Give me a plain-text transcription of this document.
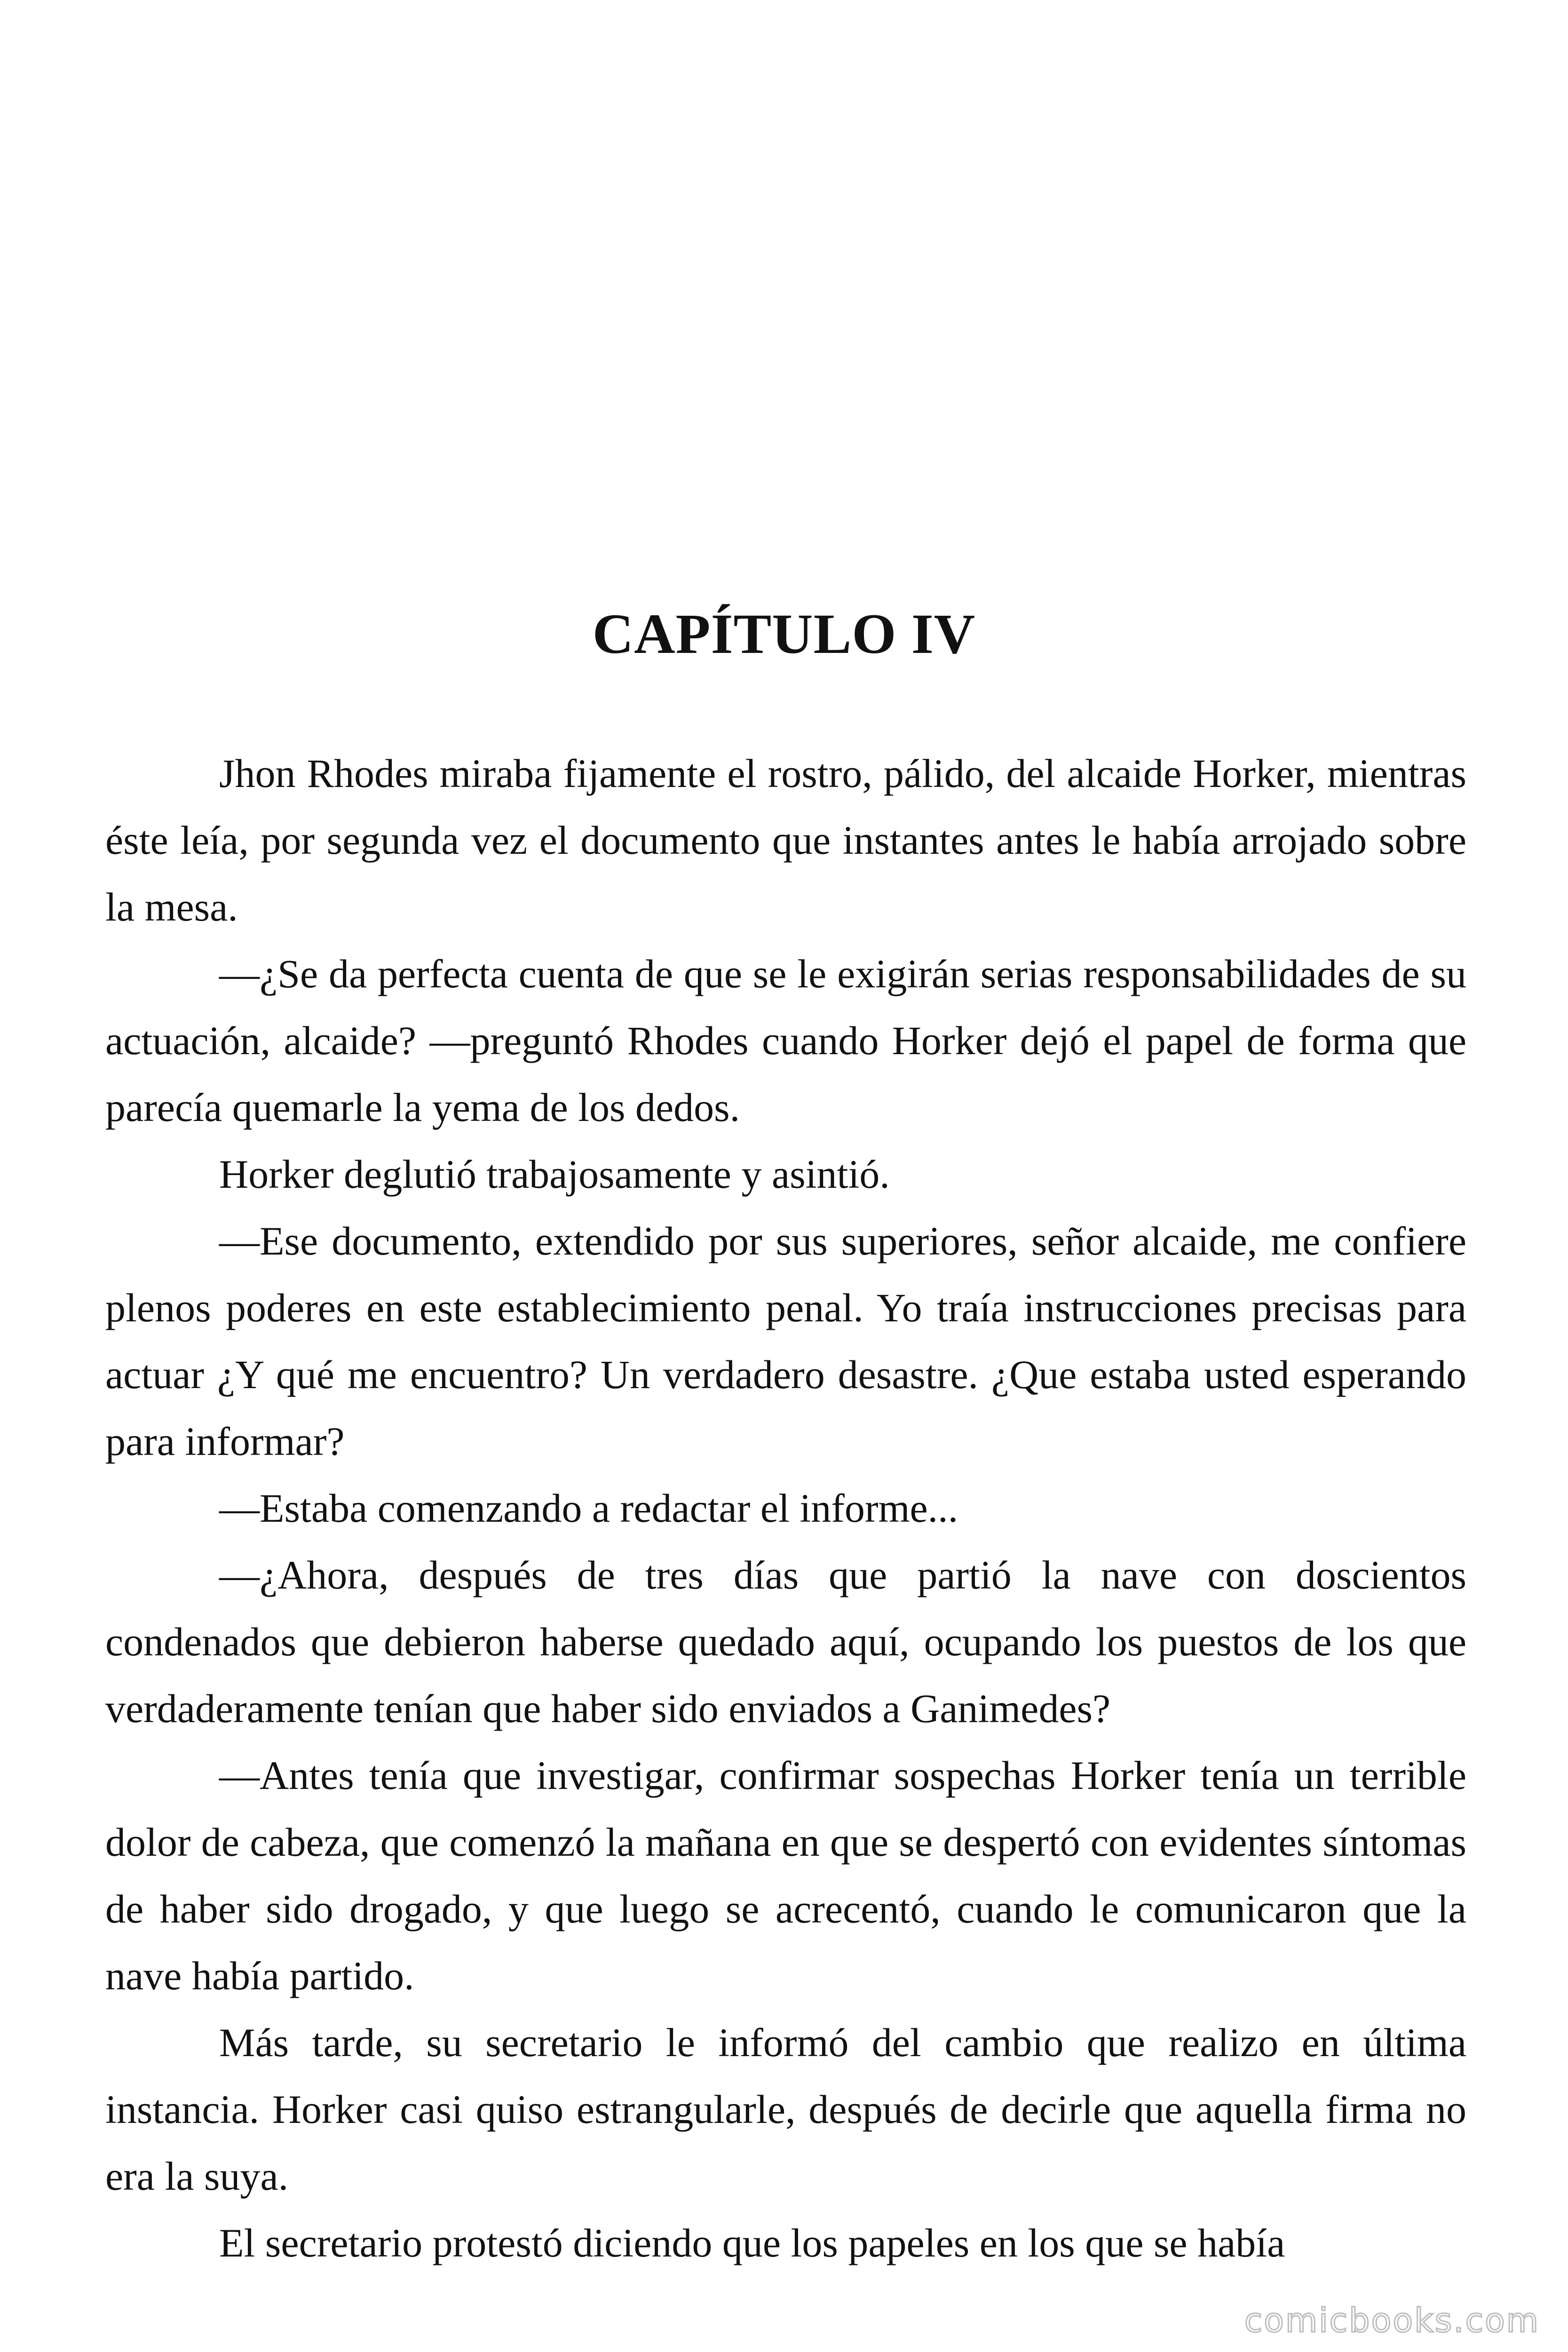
CAPÍTULO IV

Jhon Rhodes miraba fijamente el rostro, pálido, del alcaide Horker, mientras éste leía, por segunda vez el documento que instantes antes le había arrojado sobre la mesa.

—¿Se da perfecta cuenta de que se le exigirán serias responsabilidades de su actuación, alcaide? —preguntó Rhodes cuando Horker dejó el papel de forma que parecía quemarle la yema de los dedos.

Horker deglutió trabajosamente y asintió.

—Ese documento, extendido por sus superiores, señor alcaide, me confiere plenos poderes en este establecimiento penal. Yo traía instrucciones precisas para actuar ¿Y qué me encuentro? Un verdadero desastre. ¿Que estaba usted esperando para informar?

—Estaba comenzando a redactar el informe...

—¿Ahora, después de tres días que partió la nave con doscientos condenados que debieron haberse quedado aquí, ocupando los puestos de los que verdaderamente tenían que haber sido enviados a Ganimedes?

—Antes tenía que investigar, confirmar sospechas Horker tenía un terrible dolor de cabeza, que comenzó la mañana en que se despertó con evidentes síntomas de haber sido drogado, y que luego se acrecentó, cuando le comunicaron que la nave había partido.

Más tarde, su secretario le informó del cambio que realizo en última instancia. Horker casi quiso estrangularle, después de decirle que aquella firma no era la suya.

El secretario protestó diciendo que los papeles en los que se había

comicbooks.com
